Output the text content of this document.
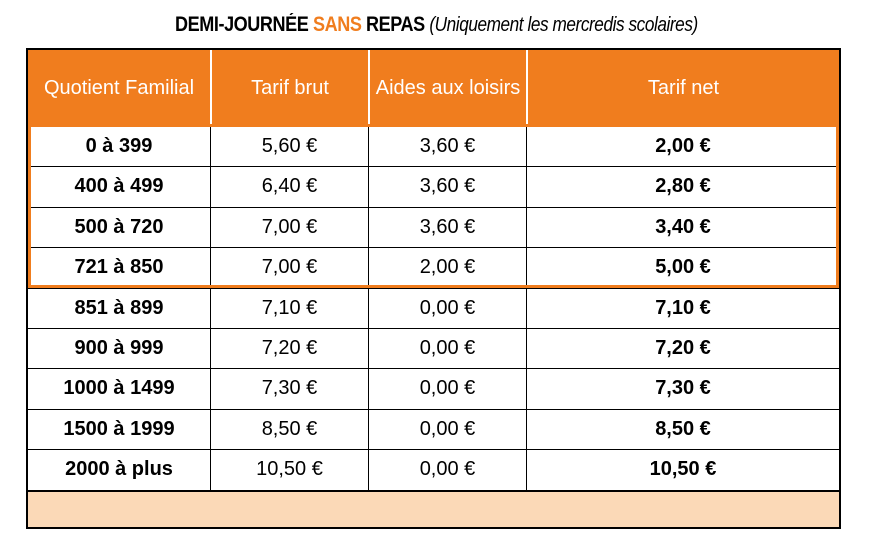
DEMI-JOURNÉE SANS REPAS (Uniquement les mercredis scolaires)
Quotient Familial	Tarif brut	Aides aux loisirs	Tarif net
0 à 399	5,60 €	3,60 €	2,00 €
400 à 499	6,40 €	3,60 €	2,80 €
500 à 720	7,00 €	3,60 €	3,40 €
721 à 850	7,00 €	2,00 €	5,00 €
851 à 899	7,10 €	0,00 €	7,10 €
900 à 999	7,20 €	0,00 €	7,20 €
1000 à 1499	7,30 €	0,00 €	7,30 €
1500 à 1999	8,50 €	0,00 €	8,50 €
2000 à plus	10,50 €	0,00 €	10,50 €
